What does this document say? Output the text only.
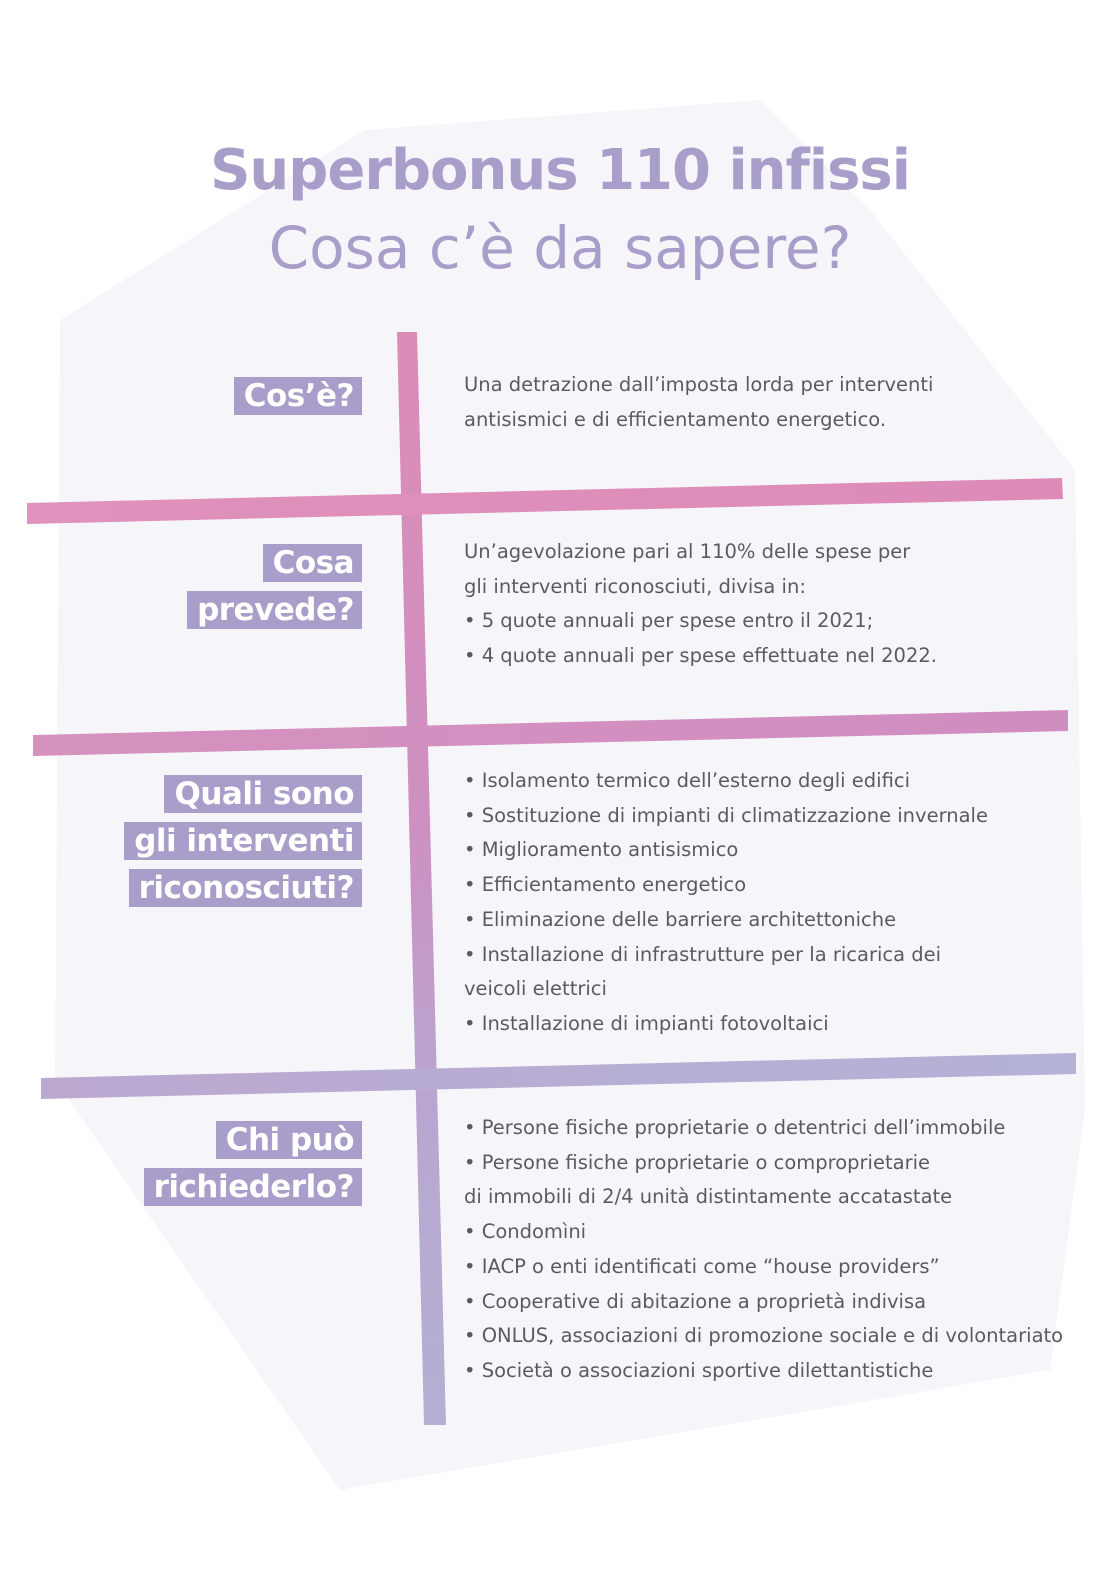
Superbonus 110 infissi
Cosa c’è da sapere?
Cos’è?	Una detrazione dall’imposta lorda per interventi

antisismici e di efficientamento energetico.

Cosa
prevede?

Un’agevolazione pari al 110% delle spese per

gli interventi riconosciuti, divisa in:

• 5 quote annuali per spese entro il 2021;
• 4 quote annuali per spese effettuate nel 2022.
Quali sono
gli interventi
riconosciuti?
• Isolamento termico dell’esterno degli edifici
• Sostituzione di impianti di climatizzazione invernale
• Miglioramento antisismico
• Efficientamento energetico
• Eliminazione delle barriere architettoniche
• Installazione di infrastrutture per la ricarica dei
veicoli elettrici
• Installazione di impianti fotovoltaici
Chi può
richiederlo?
• Persone fisiche proprietarie o detentrici dell’immobile
• Persone fisiche proprietarie o comproprietarie
di immobili di 2/4 unità distintamente accatastate
• Condomìni
• IACP o enti identificati come “house providers”
• Cooperative di abitazione a proprietà indivisa
• ONLUS, associazioni di promozione sociale e di volontariato
• Società o associazioni sportive dilettantistiche
